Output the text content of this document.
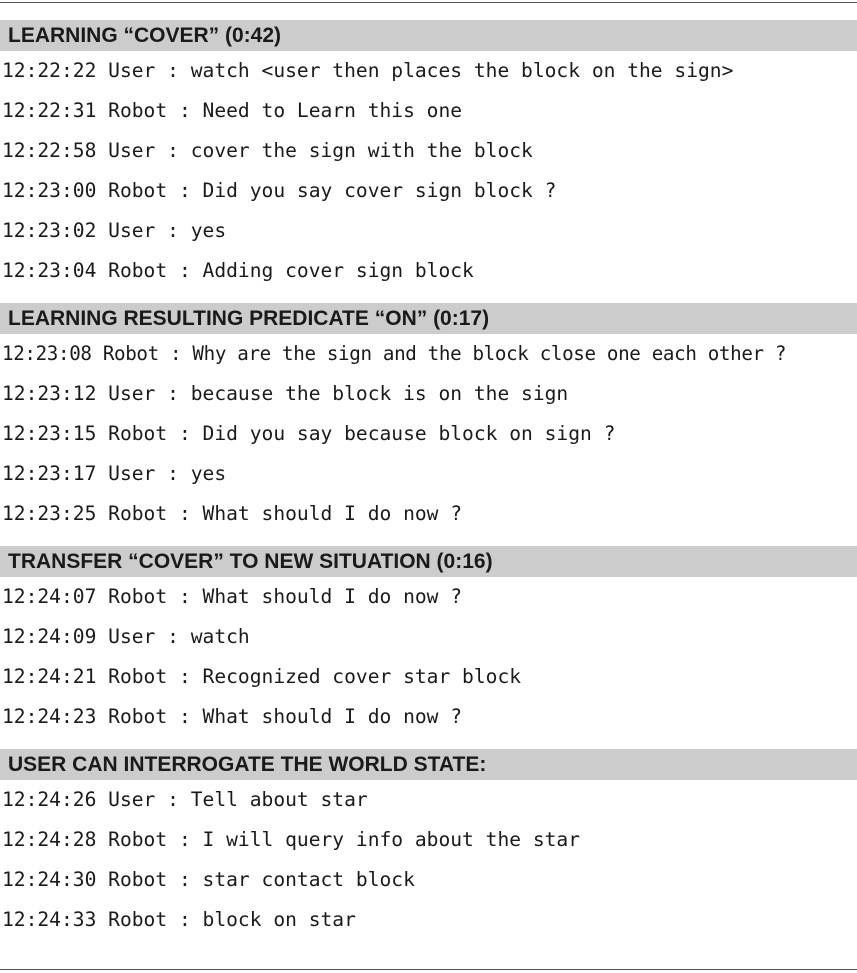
LEARNING “COVER” (0:42)
12:22:22 User : watch <user then places the block on the sign>
12:22:31 Robot : Need to Learn this one
12:22:58 User : cover the sign with the block
12:23:00 Robot : Did you say cover sign block ?
12:23:02 User : yes
12:23:04 Robot : Adding cover sign block
LEARNING RESULTING PREDICATE “ON” (0:17)
12:23:08 Robot : Why are the sign and the block close one each other ?
12:23:12 User : because the block is on the sign
12:23:15 Robot : Did you say because block on sign ?
12:23:17 User : yes
12:23:25 Robot : What should I do now ?
TRANSFER “COVER” TO NEW SITUATION (0:16)
12:24:07 Robot : What should I do now ?
12:24:09 User : watch
12:24:21 Robot : Recognized cover star block
12:24:23 Robot : What should I do now ?
USER CAN INTERROGATE THE WORLD STATE:
12:24:26 User : Tell about star
12:24:28 Robot : I will query info about the star
12:24:30 Robot : star contact block
12:24:33 Robot : block on star
